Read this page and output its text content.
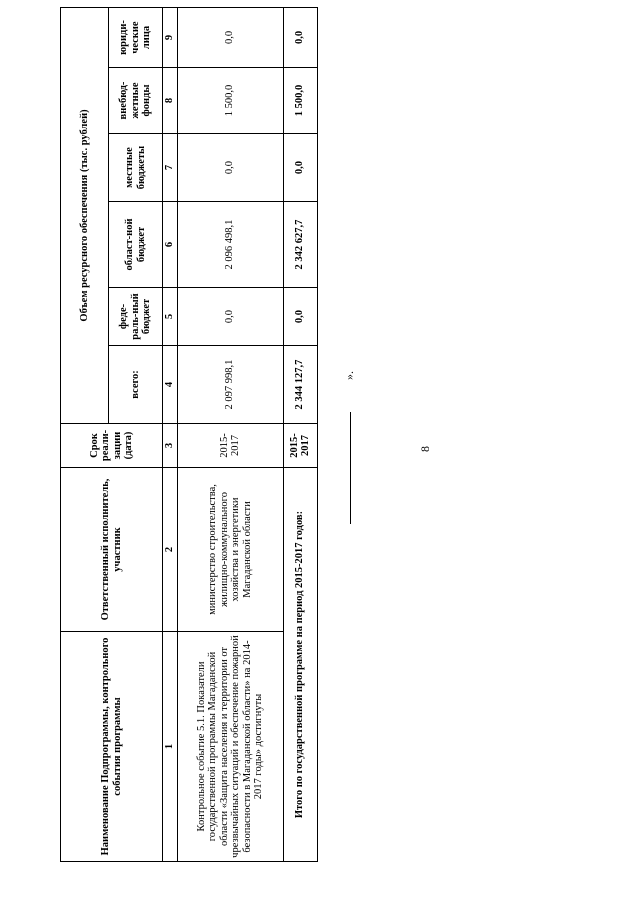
8
Наименование Подпрограммы, контрольного события программы	Ответственный исполнитель, участник	Срок реали-зации (дата)	Объем ресурсного обеспечения (тыс. рублей)					
			всего:	феде-раль-ный бюджет	област-ной бюджет	местные бюджеты	внебюд-жетные фонды	юриди-ческие лица
1	2	3	4	5	6	7	8	9
Контрольное событие 5.1. Показатели государственной программы Магаданской области «Защита населения и территории от чрезвычайных ситуаций и обеспечение пожарной безопасности в Магаданской области» на 2014-2017 годы» достигнуты	министерство строительства, жилищно-коммунального хозяйства и энергетики Магаданской области	2015-2017	2 097 998,1	0,0	2 096 498,1	0,0	1 500,0	0,0
Итого по государственной программе на период 2015-2017 годов:		2015-2017	2 344 127,7	0,0	2 342 627,7	0,0	1 500,0	0,0
».
